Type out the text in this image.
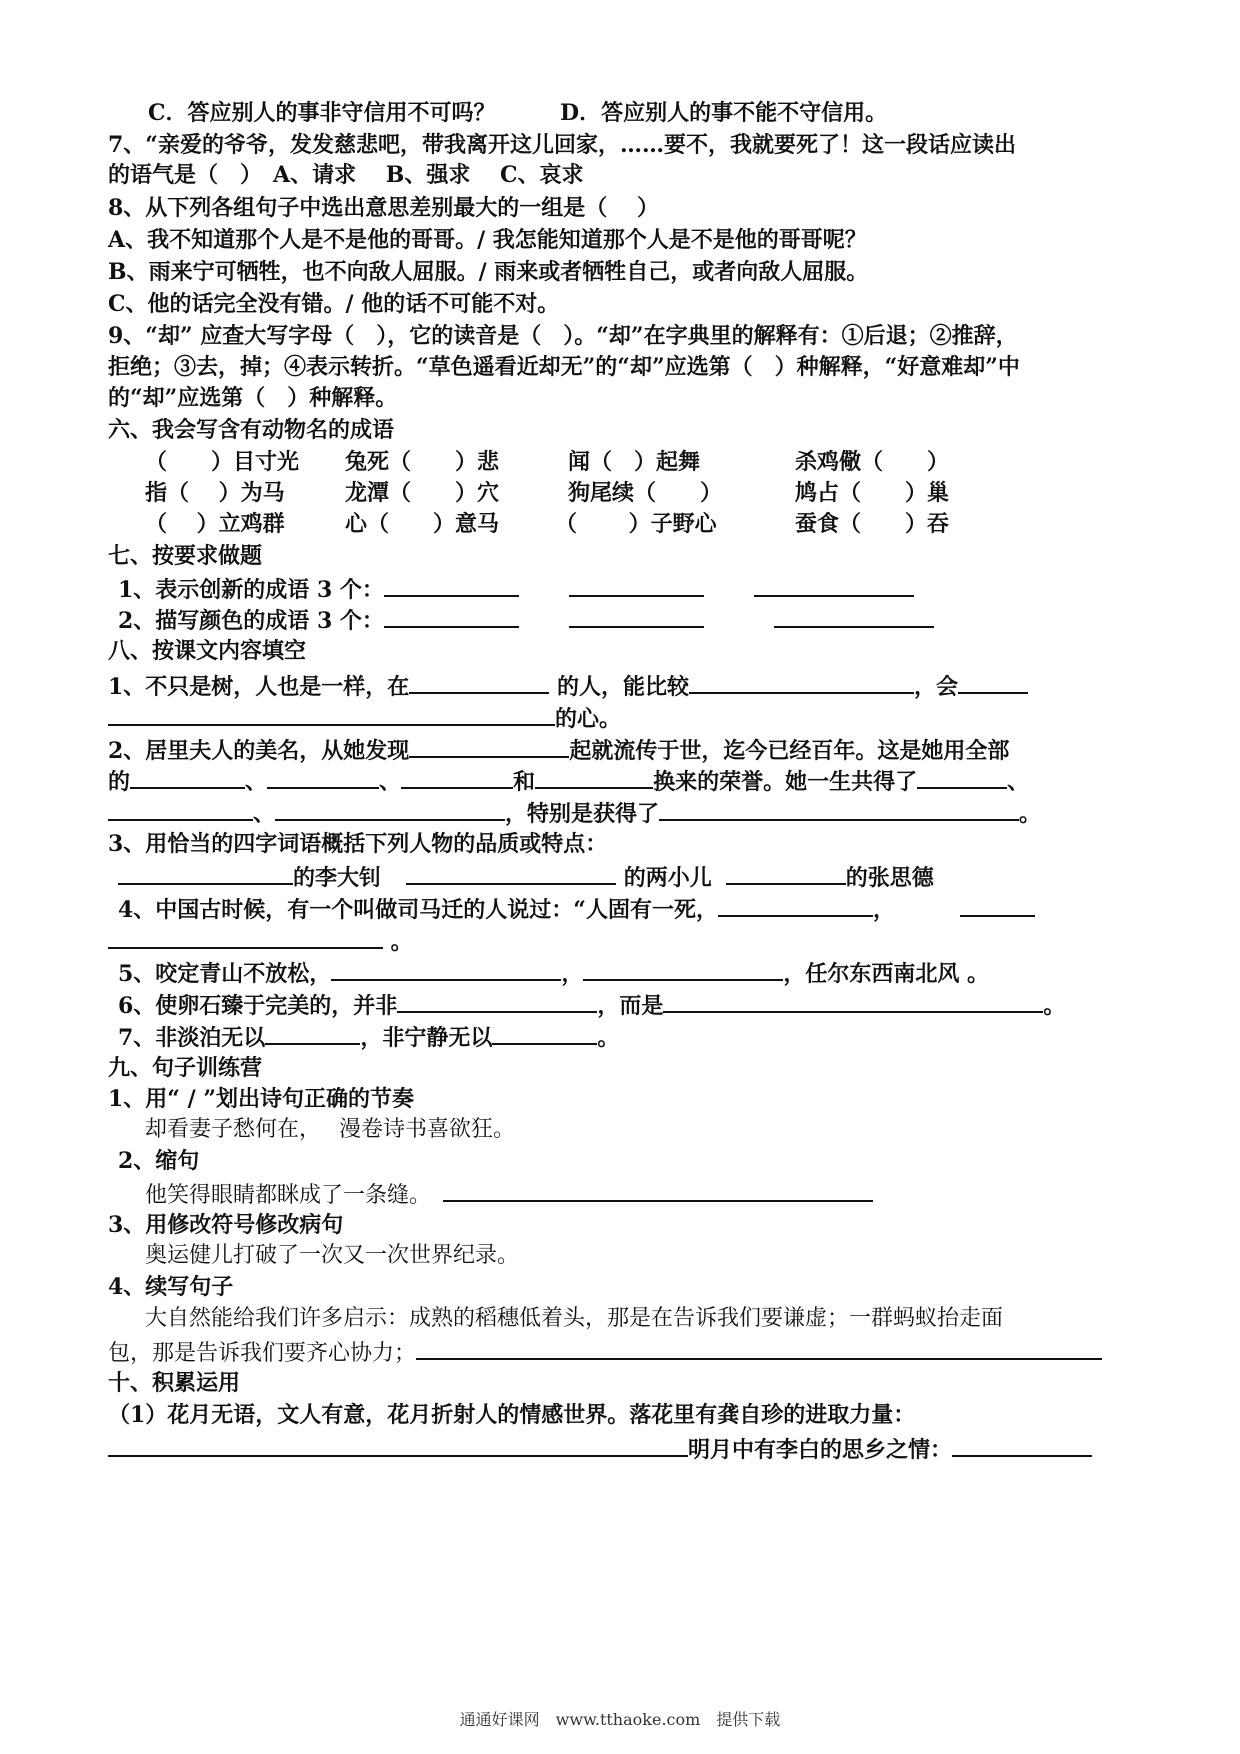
C．答应别人的事非守信用不可吗？	D．答应别人的事不能不守信用。
7、“亲爱的爷爷，发发慈悲吧，带我离开这儿回家，……要不，我就要死了！这一段话应读出
的语气是（　）　A、请求　 B、强求　 C、哀求
8、从下列各组句子中选出意思差别最大的一组是（　 ）
A、我不知道那个人是不是他的哥哥。/ 我怎能知道那个人是不是他的哥哥呢？
B、雨来宁可牺牲，也不向敌人屈服。/ 雨来或者牺牲自己，或者向敌人屈服。
C、他的话完全没有错。/ 他的话不可能不对。
9、“却” 应查大写字母（　），它的读音是（　）。“却”在字典里的解释有：①后退；②推辞，
拒绝；③去，掉；④表示转折。“草色遥看近却无”的“却”应选第（　）种解释，“好意难却”中
的“却”应选第（　）种解释。
六、我会写含有动物名的成语
（　　）目寸光 兔死（　　）悲	闻（　）起舞	杀鸡儆（　　）
指（　 ）为马	龙潭（　　）穴	狗尾续（　　）	鸠占（　　）巢
（　 ）立鸡群	心（　　）意马	（　　 ）子野心	蚕食（　　）吞
七、按要求做题
1、表示创新的成语 3 个：
2、描写颜色的成语 3 个：
八、按课文内容填空
1、不只是树，人也是一样，在	的人，能比较	，会
的心。
2、居里夫人的美名，从她发现	起就流传于世，迄今已经百年。这是她用全部
的	、	、	和	换来的荣誉。她一生共得了	、
、	，特别是获得了	。
3、用恰当的四字词语概括下列人物的品质或特点：
的李大钊	的两小儿	的张思德
4、中国古时候，有一个叫做司马迁的人说过：“人固有一死，	，
。
5、咬定青山不放松，	，	，任尔东西南北风 。
6、使卵石臻于完美的，并非	，而是	。
7、非淡泊无以	，非宁静无以	。
九、句子训练营
1、用“ / ”划出诗句正确的节奏
却看妻子愁何在，　 漫卷诗书喜欲狂。
2、缩句
他笑得眼睛都眯成了一条缝。
3、用修改符号修改病句
奥运健儿打破了一次又一次世界纪录。
4、续写句子
大自然能给我们许多启示：成熟的稻穗低着头，那是在告诉我们要谦虚；一群蚂蚁抬走面
包，那是告诉我们要齐心协力；
十、积累运用
（1）花月无语，文人有意，花月折射人的情感世界。落花里有龚自珍的进取力量：
明月中有李白的思乡之情：
通通好课网　www.tthaoke.com　提供下载
